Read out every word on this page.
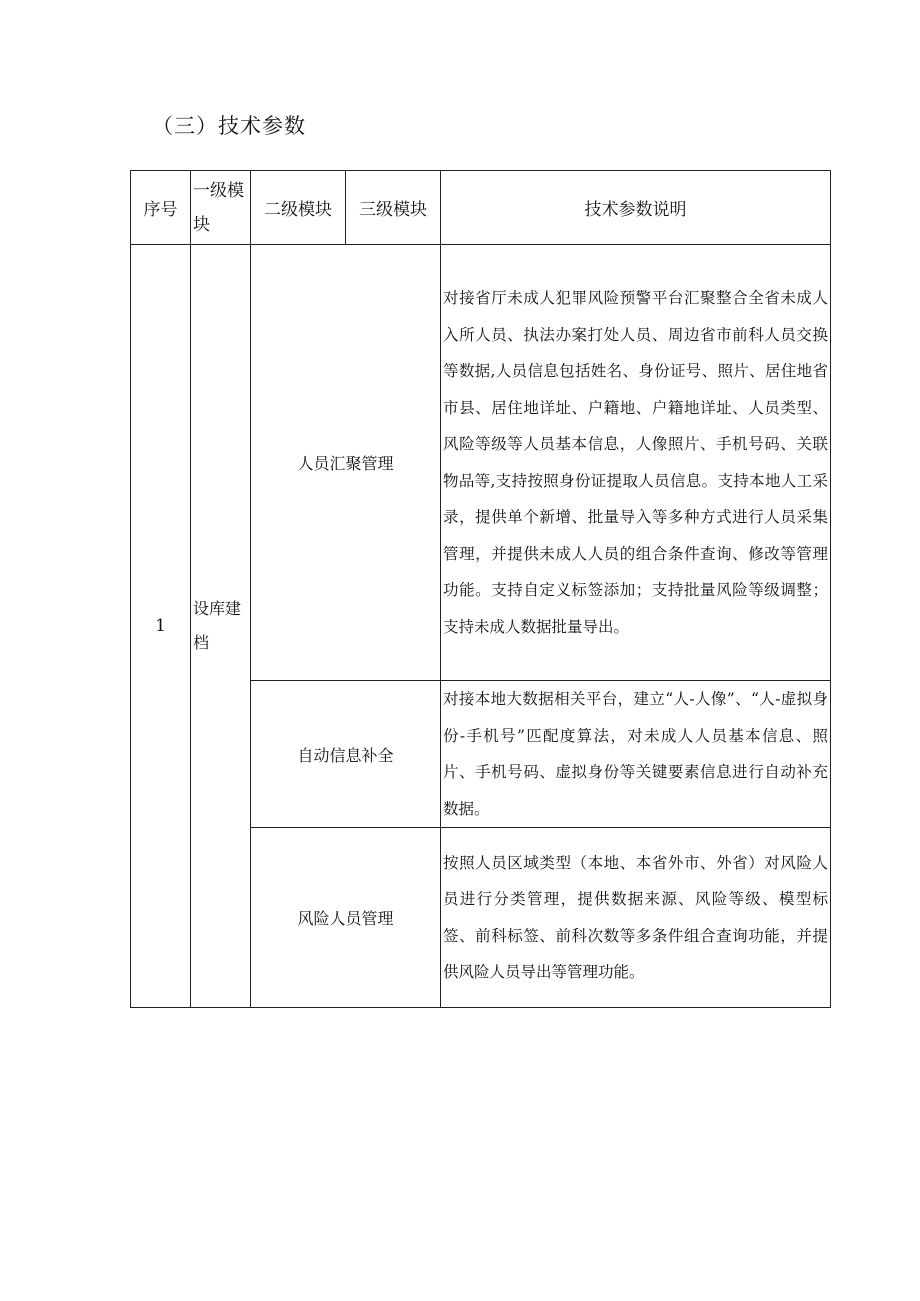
（三）技术参数
序号	一级模块	二级模块	三级模块	技术参数说明
1	设库建档	人员汇聚管理		对接省厅未成人犯罪风险预警平台汇聚整合全省未成人入所人员、执法办案打处人员、周边省市前科人员交换等数据,人员信息包括姓名、身份证号、照片、居住地省市县、居住地详址、户籍地、户籍地详址、人员类型、风险等级等人员基本信息，人像照片、手机号码、关联物品等,支持按照身份证提取人员信息。支持本地人工采录，提供单个新增、批量导入等多种方式进行人员采集管理，并提供未成人人员的组合条件查询、修改等管理功能。支持自定义标签添加；支持批量风险等级调整；支持未成人数据批量导出。
		自动信息补全		对接本地大数据相关平台，建立“人-人像”、“人-虚拟身份-手机号”匹配度算法，对未成人人员基本信息、照片、手机号码、虚拟身份等关键要素信息进行自动补充数据。
		风险人员管理		按照人员区域类型（本地、本省外市、外省）对风险人员进行分类管理，提供数据来源、风险等级、模型标签、前科标签、前科次数等多条件组合查询功能，并提供风险人员导出等管理功能。
